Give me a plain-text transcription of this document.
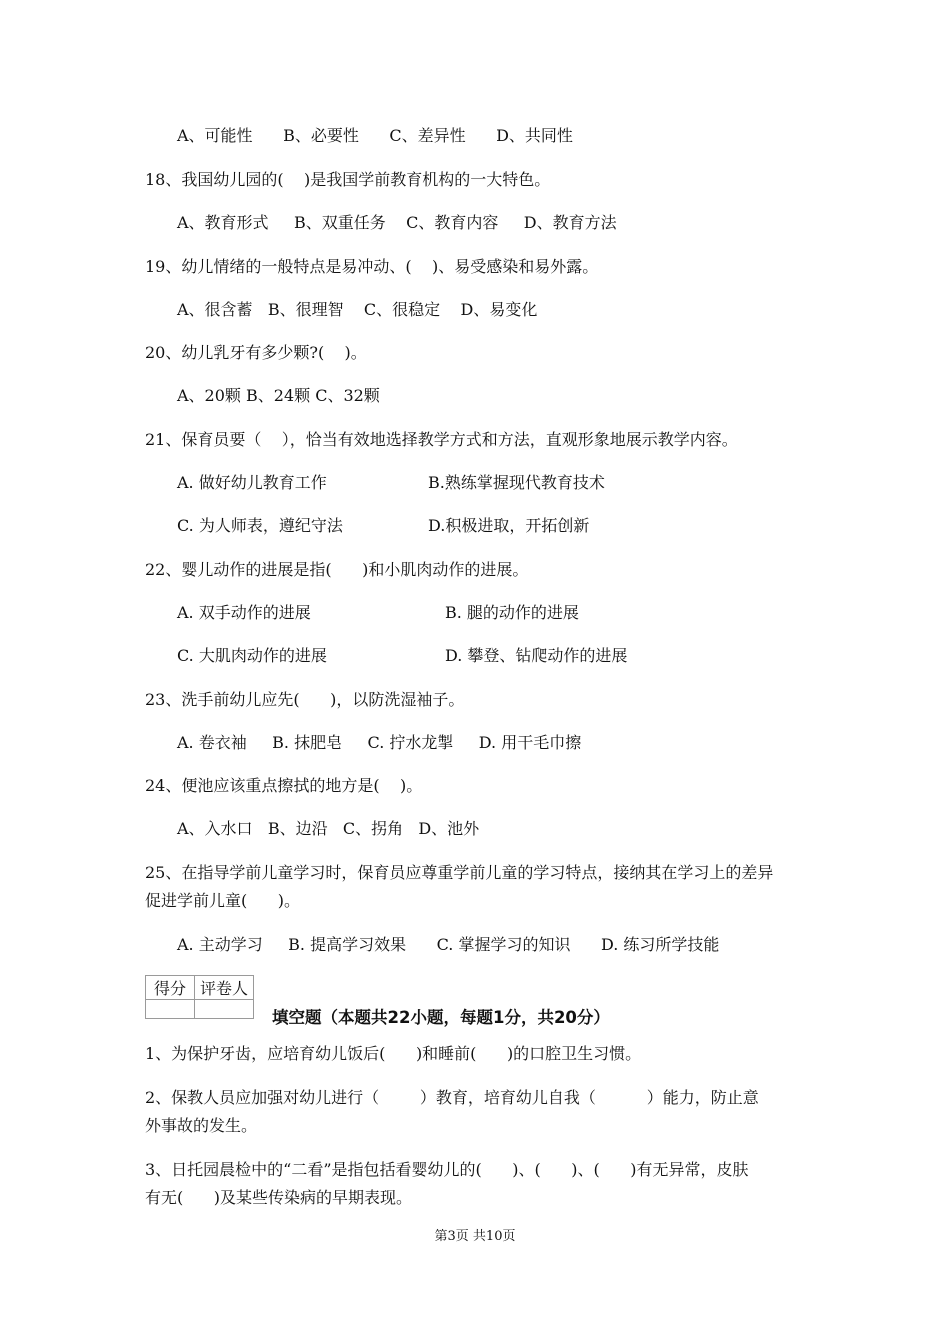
A、可能性      B、必要性      C、差异性      D、共同性
18、我国幼儿园的(    )是我国学前教育机构的一大特色。
A、教育形式     B、双重任务    C、教育内容     D、教育方法
19、幼儿情绪的一般特点是易冲动、(    )、易受感染和易外露。
A、很含蓄   B、很理智    C、很稳定    D、易变化
20、幼儿乳牙有多少颗?(    )。
A、20颗 B、24颗 C、32颗
21、保育员要（    ），恰当有效地选择教学方式和方法，直观形象地展示教学内容。
A. 做好幼儿教育工作	B.熟练掌握现代教育技术
C. 为人师表，遵纪守法	D.积极进取，开拓创新
22、婴儿动作的进展是指(      )和小肌肉动作的进展。
A. 双手动作的进展	B. 腿的动作的进展
C. 大肌肉动作的进展	D. 攀登、钻爬动作的进展
23、洗手前幼儿应先(      )，以防洗湿袖子。
A. 卷衣袖     B. 抹肥皂     C. 拧水龙掣     D. 用干毛巾擦
24、便池应该重点擦拭的地方是(    )。
A、入水口   B、边沿   C、拐角   D、池外
25、在指导学前儿童学习时，保育员应尊重学前儿童的学习特点，接纳其在学习上的差异
促进学前儿童(      )。
A. 主动学习     B. 提高学习效果      C. 掌握学习的知识      D. 练习所学技能
得分	评卷人

填空题（本题共22小题，每题1分，共20分）
1、为保护牙齿，应培育幼儿饭后(      )和睡前(      )的口腔卫生习惯。
2、保教人员应加强对幼儿进行（        ）教育，培育幼儿自我（          ）能力，防止意
外事故的发生。
3、日托园晨检中的“二看”是指包括看婴幼儿的(      )、(      )、(      )有无异常，皮肤
有无(      )及某些传染病的早期表现。
第3页 共10页
